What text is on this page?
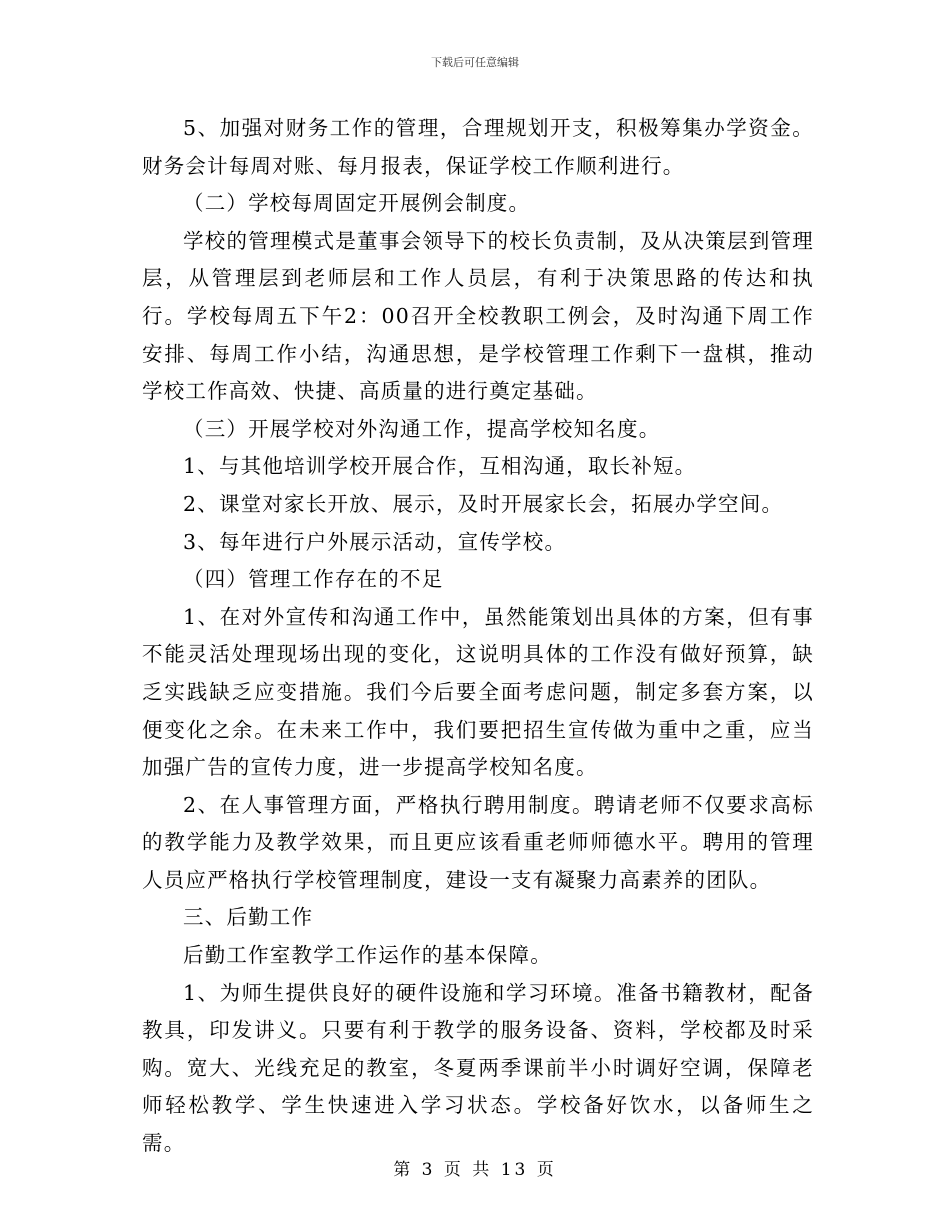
下载后可任意编辑

5、加强对财务工作的管理，合理规划开支，积极筹集办学资金。财务会计每周对账、每月报表，保证学校工作顺利进行。

（二）学校每周固定开展例会制度。

学校的管理模式是董事会领导下的校长负责制，及从决策层到管理层，从管理层到老师层和工作人员层，有利于决策思路的传达和执行。学校每周五下午2：00召开全校教职工例会，及时沟通下周工作安排、每周工作小结，沟通思想，是学校管理工作剩下一盘棋，推动学校工作高效、快捷、高质量的进行奠定基础。

（三）开展学校对外沟通工作，提高学校知名度。

1、与其他培训学校开展合作，互相沟通，取长补短。

2、课堂对家长开放、展示，及时开展家长会，拓展办学空间。

3、每年进行户外展示活动，宣传学校。

（四）管理工作存在的不足

1、在对外宣传和沟通工作中，虽然能策划出具体的方案，但有事不能灵活处理现场出现的变化，这说明具体的工作没有做好预算，缺乏实践缺乏应变措施。我们今后要全面考虑问题，制定多套方案，以便变化之余。在未来工作中，我们要把招生宣传做为重中之重，应当加强广告的宣传力度，进一步提高学校知名度。

2、在人事管理方面，严格执行聘用制度。聘请老师不仅要求高标的教学能力及教学效果，而且更应该看重老师师德水平。聘用的管理人员应严格执行学校管理制度，建设一支有凝聚力高素养的团队。

三、后勤工作

后勤工作室教学工作运作的基本保障。

1、为师生提供良好的硬件设施和学习环境。准备书籍教材，配备教具，印发讲义。只要有利于教学的服务设备、资料，学校都及时采购。宽大、光线充足的教室，冬夏两季课前半小时调好空调，保障老师轻松教学、学生快速进入学习状态。学校备好饮水，以备师生之需。

第 3 页 共 13 页
